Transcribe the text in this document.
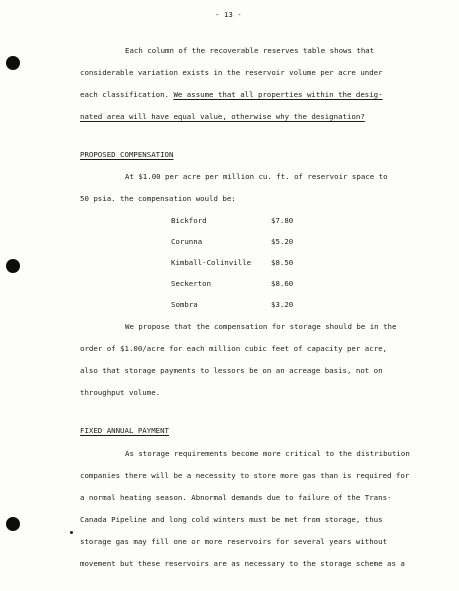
- 13 -
Each column of the recoverable reserves table shows that
considerable variation exists in the reservoir volume per acre under
each classification. We assume that all properties within the desig-
nated area will have equal value, otherwise why the designation?
PROPOSED COMPENSATION
At $1.00 per acre per million cu. ft. of reservoir space to
50 psia. the compensation would be:
Bickford	$7.80
Corunna	$5.20
Kimball-Colinville	$8.50
Seckerton	$8.60
Sombra	$3.20
We propose that the compensation for storage should be in the
order of $1.00/acre for each million cubic feet of capacity per acre,
also that storage payments to lessors be on an acreage basis, not on
throughput volume.
FIXED ANNUAL PAYMENT
As storage requirements become more critical to the distribution
companies there will be a necessity to store more gas than is required for
a normal heating season. Abnormal demands due to failure of the Trans-
Canada Pipeline and long cold winters must be met from storage, thus
storage gas may fill one or more reservoirs for several years without
movement but these reservoirs are as necessary to the storage scheme as a
